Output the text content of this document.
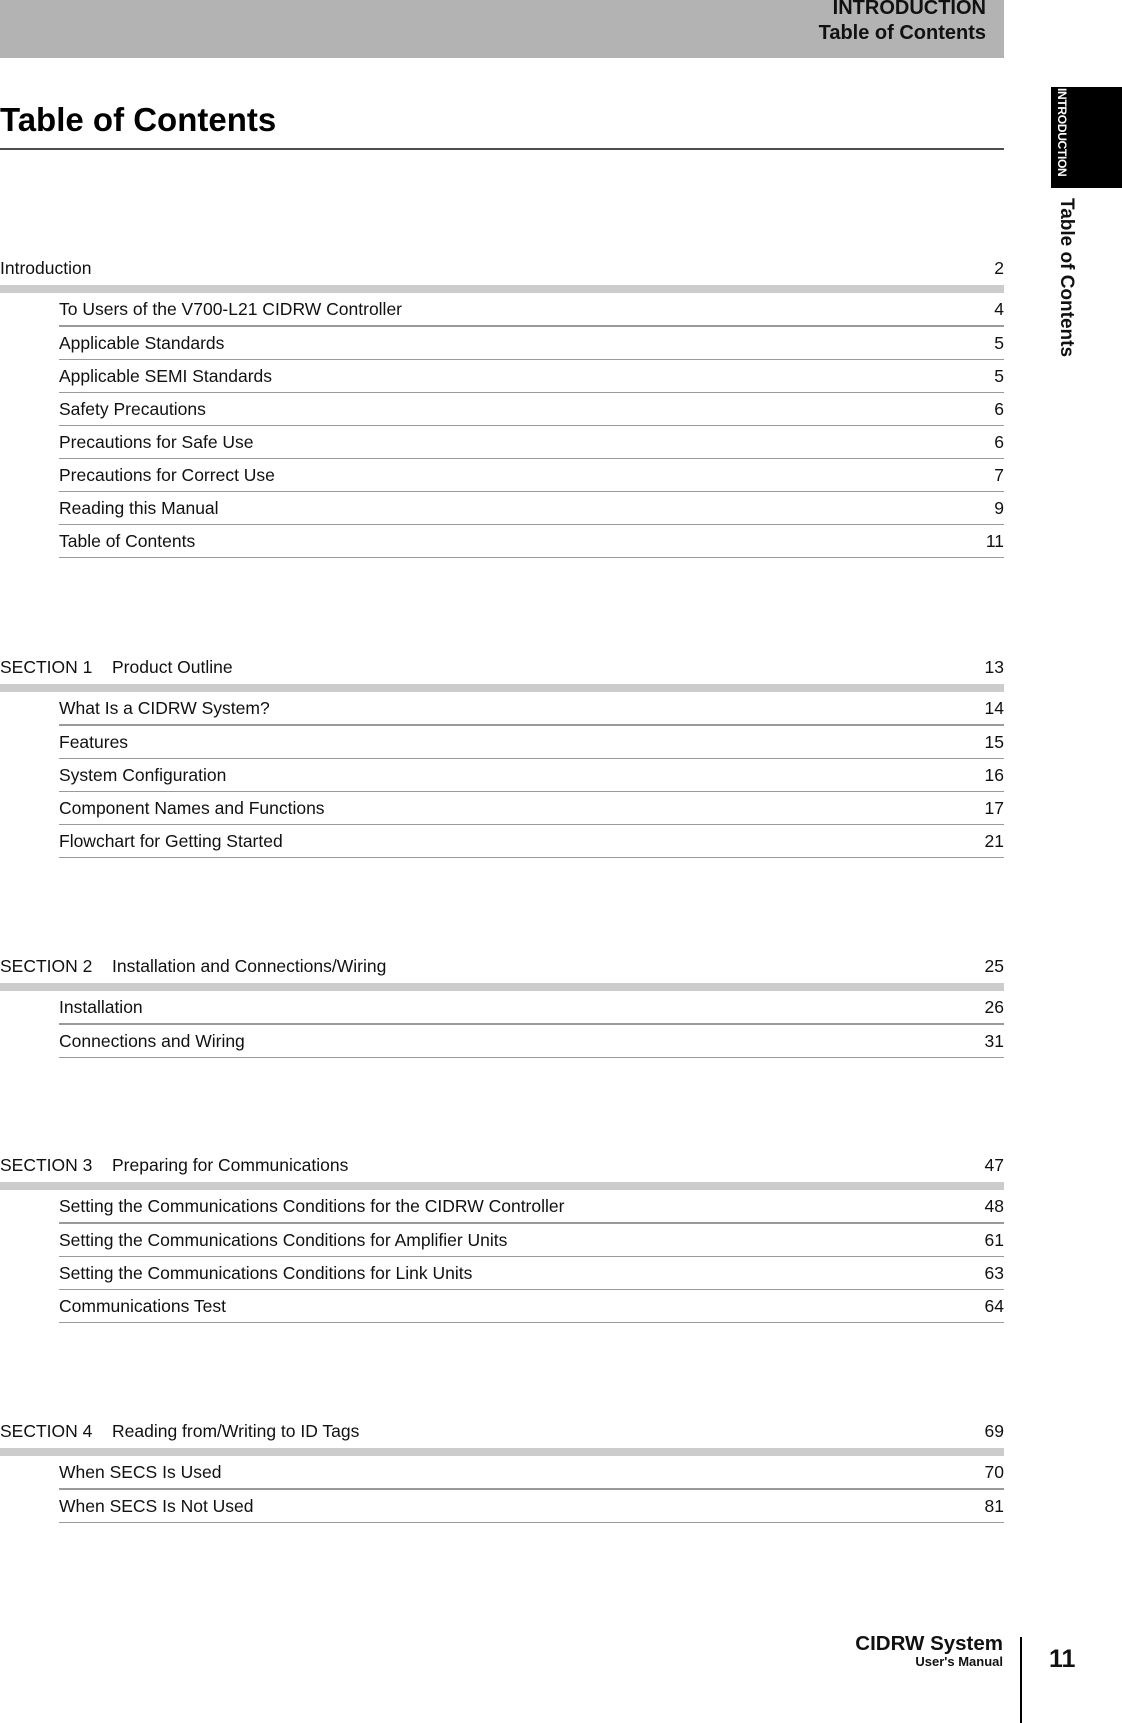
INTRODUCTION
Table of Contents
INTRODUCTION
Table of Contents
Table of Contents
Introduction	2
To Users of the V700-L21 CIDRW Controller	4
Applicable Standards	5
Applicable SEMI Standards	5
Safety Precautions	6
Precautions for Safe Use	6
Precautions for Correct Use	7
Reading this Manual	9
Table of Contents	11
SECTION 1 Product Outline	13
What Is a CIDRW System?	14
Features	15
System Configuration	16
Component Names and Functions	17
Flowchart for Getting Started	21
SECTION 2 Installation and Connections/Wiring	25
Installation	26
Connections and Wiring	31
SECTION 3 Preparing for Communications	47
Setting the Communications Conditions for the CIDRW Controller	48
Setting the Communications Conditions for Amplifier Units	61
Setting the Communications Conditions for Link Units	63
Communications Test	64
SECTION 4 Reading from/Writing to ID Tags	69
When SECS Is Used	70
When SECS Is Not Used	81
CIDRW System
User's Manual 11
